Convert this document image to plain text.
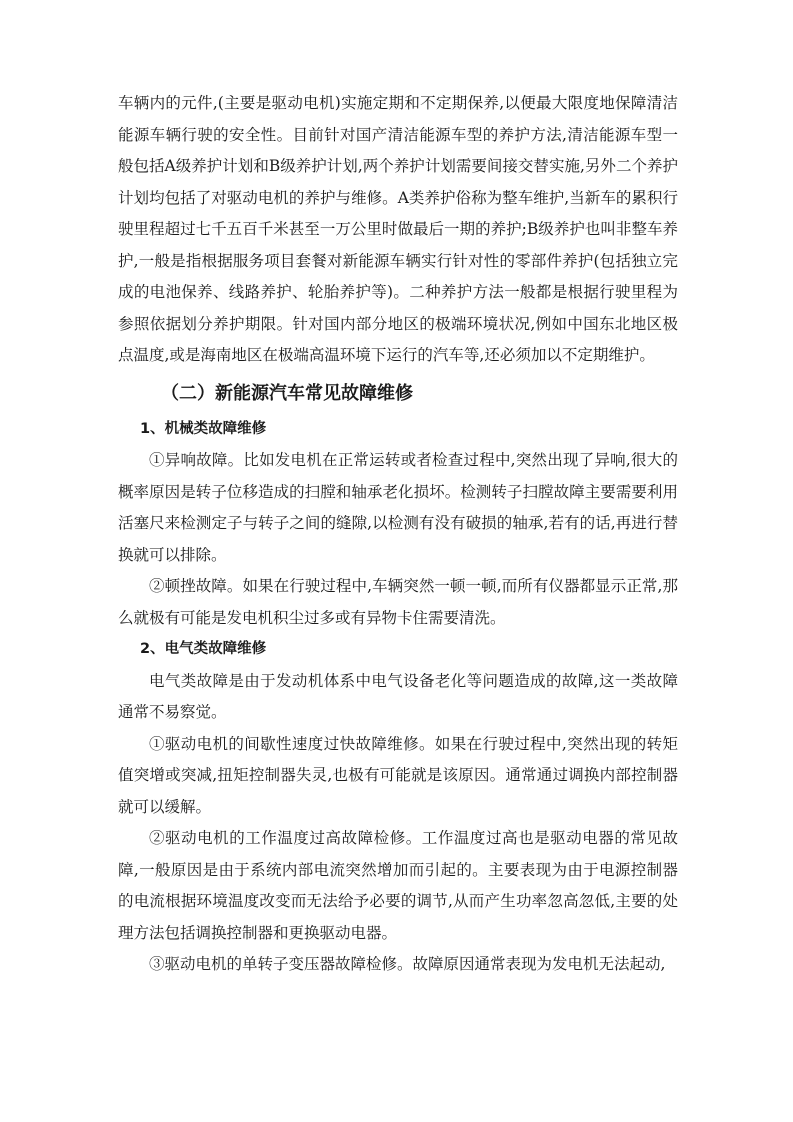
车辆内的元件,(主要是驱动电机)实施定期和不定期保养,以便最大限度地保障清洁能源车辆行驶的安全性。目前针对国产清洁能源车型的养护方法,清洁能源车型一般包括A级养护计划和B级养护计划,两个养护计划需要间接交替实施,另外二个养护计划均包括了对驱动电机的养护与维修。A类养护俗称为整车维护,当新车的累积行驶里程超过七千五百千米甚至一万公里时做最后一期的养护;B级养护也叫非整车养护,一般是指根据服务项目套餐对新能源车辆实行针对性的零部件养护(包括独立完成的电池保养、线路养护、轮胎养护等)。二种养护方法一般都是根据行驶里程为参照依据划分养护期限。针对国内部分地区的极端环境状况,例如中国东北地区极点温度,或是海南地区在极端高温环境下运行的汽车等,还必须加以不定期维护。

（二）新能源汽车常见故障维修
1、机械类故障维修

①异响故障。比如发电机在正常运转或者检查过程中,突然出现了异响,很大的概率原因是转子位移造成的扫膛和轴承老化损坏。检测转子扫膛故障主要需要利用活塞尺来检测定子与转子之间的缝隙,以检测有没有破损的轴承,若有的话,再进行替换就可以排除。

②顿挫故障。如果在行驶过程中,车辆突然一顿一顿,而所有仪器都显示正常,那么就极有可能是发电机积尘过多或有异物卡住需要清洗。

2、电气类故障维修

电气类故障是由于发动机体系中电气设备老化等问题造成的故障,这一类故障通常不易察觉。

①驱动电机的间歇性速度过快故障维修。如果在行驶过程中,突然出现的转矩值突增或突减,扭矩控制器失灵,也极有可能就是该原因。通常通过调换内部控制器就可以缓解。

②驱动电机的工作温度过高故障检修。工作温度过高也是驱动电器的常见故障,一般原因是由于系统内部电流突然增加而引起的。主要表现为由于电源控制器的电流根据环境温度改变而无法给予必要的调节,从而产生功率忽高忽低,主要的处理方法包括调换控制器和更换驱动电器。

③驱动电机的单转子变压器故障检修。故障原因通常表现为发电机无法起动,
